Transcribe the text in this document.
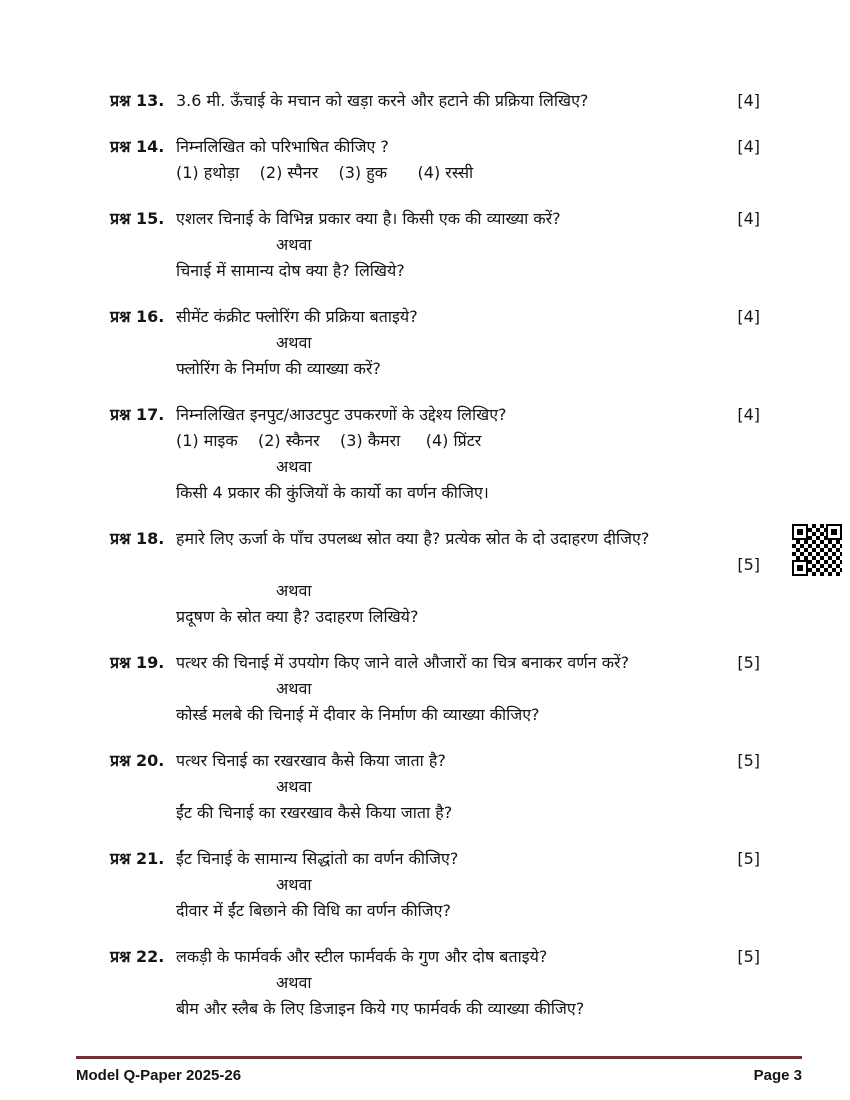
प्रश्न 13. 3.6 मी. ऊँचाई के मचान को खड़ा करने और हटाने की प्रक्रिया लिखिए?	[4]
प्रश्न 14. निम्नलिखित को परिभाषित कीजिए ?	[4]
(1) हथोड़ा    (2) स्पैनर    (3) हुक      (4) रस्सी
प्रश्न 15. एशलर चिनाई के विभिन्न प्रकार क्या है। किसी एक की व्याख्या करें?	[4]
अथवा
चिनाई में सामान्य दोष क्या है? लिखिये?
प्रश्न 16. सीमेंट कंक्रीट फ्लोरिंग की प्रक्रिया बताइये?	[4]
अथवा
फ्लोरिंग के निर्माण की व्याख्या करें?
प्रश्न 17. निम्नलिखित इनपुट/आउटपुट उपकरणों के उद्देश्य लिखिए?	[4]
(1) माइक    (2) स्कैनर    (3) कैमरा     (4) प्रिंटर
अथवा
किसी 4 प्रकार की कुंजियों के कार्यो का वर्णन कीजिए।
प्रश्न 18. हमारे लिए ऊर्जा के पाँच उपलब्ध स्रोत क्या है? प्रत्येक स्रोत के दो उदाहरण दीजिए?
[5]
अथवा
प्रदूषण के स्रोत क्या है? उदाहरण लिखिये?
प्रश्न 19. पत्थर की चिनाई में उपयोग किए जाने वाले औजारों का चित्र बनाकर वर्णन करें?	[5]
अथवा
कोर्स्ड मलबे की चिनाई में दीवार के निर्माण की व्याख्या कीजिए?
प्रश्न 20. पत्थर चिनाई का रखरखाव कैसे किया जाता है?	[5]
अथवा
ईंट की चिनाई का रखरखाव कैसे किया जाता है?
प्रश्न 21. ईंट चिनाई के सामान्य सिद्धांतो का वर्णन कीजिए?	[5]
अथवा
दीवार में ईंट बिछाने की विधि का वर्णन कीजिए?
प्रश्न 22. लकड़ी के फार्मवर्क और स्टील फार्मवर्क के गुण और दोष बताइये?	[5]
अथवा
बीम और स्लैब के लिए डिजाइन किये गए फार्मवर्क की व्याख्या कीजिए?
Model Q-Paper 2025-26	Page 3
